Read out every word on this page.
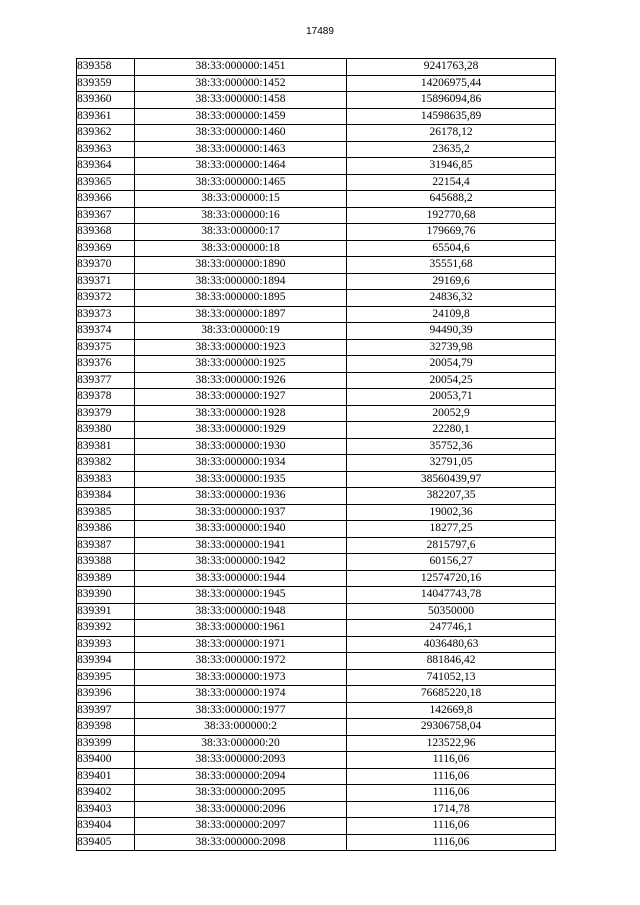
17489
839358	38:33:000000:1451	9241763,28
839359	38:33:000000:1452	14206975,44
839360	38:33:000000:1458	15896094,86
839361	38:33:000000:1459	14598635,89
839362	38:33:000000:1460	26178,12
839363	38:33:000000:1463	23635,2
839364	38:33:000000:1464	31946,85
839365	38:33:000000:1465	22154,4
839366	38:33:000000:15	645688,2
839367	38:33:000000:16	192770,68
839368	38:33:000000:17	179669,76
839369	38:33:000000:18	65504,6
839370	38:33:000000:1890	35551,68
839371	38:33:000000:1894	29169,6
839372	38:33:000000:1895	24836,32
839373	38:33:000000:1897	24109,8
839374	38:33:000000:19	94490,39
839375	38:33:000000:1923	32739,98
839376	38:33:000000:1925	20054,79
839377	38:33:000000:1926	20054,25
839378	38:33:000000:1927	20053,71
839379	38:33:000000:1928	20052,9
839380	38:33:000000:1929	22280,1
839381	38:33:000000:1930	35752,36
839382	38:33:000000:1934	32791,05
839383	38:33:000000:1935	38560439,97
839384	38:33:000000:1936	382207,35
839385	38:33:000000:1937	19002,36
839386	38:33:000000:1940	18277,25
839387	38:33:000000:1941	2815797,6
839388	38:33:000000:1942	60156,27
839389	38:33:000000:1944	12574720,16
839390	38:33:000000:1945	14047743,78
839391	38:33:000000:1948	50350000
839392	38:33:000000:1961	247746,1
839393	38:33:000000:1971	4036480,63
839394	38:33:000000:1972	881846,42
839395	38:33:000000:1973	741052,13
839396	38:33:000000:1974	76685220,18
839397	38:33:000000:1977	142669,8
839398	38:33:000000:2	29306758,04
839399	38:33:000000:20	123522,96
839400	38:33:000000:2093	1116,06
839401	38:33:000000:2094	1116,06
839402	38:33:000000:2095	1116,06
839403	38:33:000000:2096	1714,78
839404	38:33:000000:2097	1116,06
839405	38:33:000000:2098	1116,06
